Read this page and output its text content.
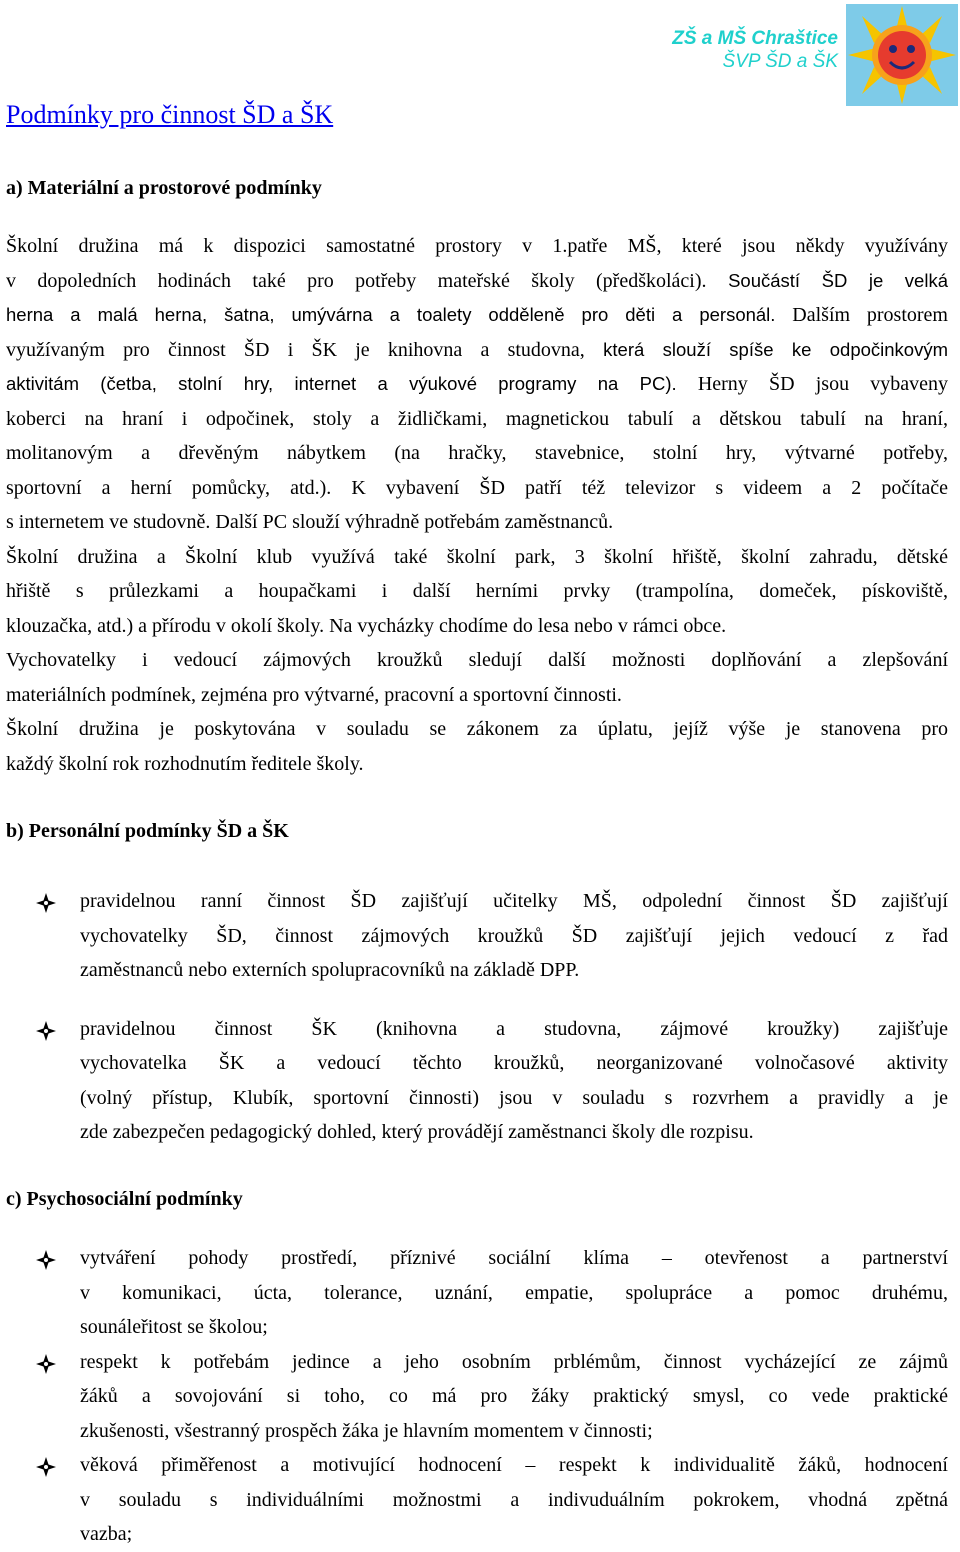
ZŠ a MŠ Chraštice
ŠVP ŠD a ŠK
Podmínky pro činnost ŠD a ŠK
a) Materiální a prostorové podmínky

Školní družina má k dispozici samostatné prostory v 1.patře MŠ, které jsou někdy využívány
v dopoledních hodinách také pro potřeby mateřské školy (předškoláci). Součástí ŠD je velká
herna a malá herna, šatna, umývárna a toalety odděleně pro děti a personál. Dalším prostorem
využívaným pro činnost ŠD i ŠK je knihovna a studovna, která slouží spíše ke odpočinkovým
aktivitám (četba, stolní hry, internet a výukové programy na PC). Herny ŠD jsou vybaveny
koberci na hraní i odpočinek, stoly a židličkami, magnetickou tabulí a dětskou tabulí na hraní,
molitanovým a dřevěným nábytkem (na hračky, stavebnice, stolní hry, výtvarné potřeby,
sportovní a herní pomůcky, atd.). K vybavení ŠD patří též televizor s videem a 2 počítače
s internetem ve studovně. Další PC slouží výhradně potřebám zaměstnanců.
Školní družina a Školní klub využívá také školní park, 3 školní hřiště, školní zahradu, dětské
hřiště s průlezkami a houpačkami i další herními prvky (trampolína, domeček, pískoviště,
klouzačka, atd.) a přírodu v okolí školy. Na vycházky chodíme do lesa nebo v rámci obce.
Vychovatelky i vedoucí zájmových kroužků sledují další možnosti doplňování a zlepšování
materiálních podmínek, zejména pro výtvarné, pracovní a sportovní činnosti.
Školní družina je poskytována v souladu se zákonem za úplatu, jejíž výše je stanovena pro
každý školní rok rozhodnutím ředitele školy.

b) Personální podmínky ŠD a ŠK
pravidelnou ranní činnost ŠD zajišťují učitelky MŠ, odpolední činnost ŠD zajišťují
vychovatelky ŠD, činnost zájmových kroužků ŠD zajišťují jejich vedoucí z řad
zaměstnanců nebo externích spolupracovníků na základě DPP.
pravidelnou činnost ŠK (knihovna a studovna, zájmové kroužky) zajišťuje
vychovatelka ŠK a vedoucí těchto kroužků, neorganizované volnočasové aktivity
(volný přístup, Klubík, sportovní činnosti) jsou v souladu s rozvrhem a pravidly a je
zde zabezpečen pedagogický dohled, který provádějí zaměstnanci školy dle rozpisu.
c) Psychosociální podmínky
vytváření pohody prostředí, příznivé sociální klíma – otevřenost a partnerství
v komunikaci, úcta, tolerance, uznání, empatie, spolupráce a pomoc druhému,
sounáleřitost se školou;
respekt k potřebám jedince a jeho osobním prblémům, činnost vycházející ze zájmů
žáků a sovojování si toho, co má pro žáky praktický smysl, co vede praktické
zkušenosti, všestranný prospěch žáka je hlavním momentem v činnosti;
věková přiměřenost a motivující hodnocení – respekt k individualitě žáků, hodnocení
v souladu s individuálními možnostmi a indivuduálním pokrokem, vhodná zpětná
vazba;
